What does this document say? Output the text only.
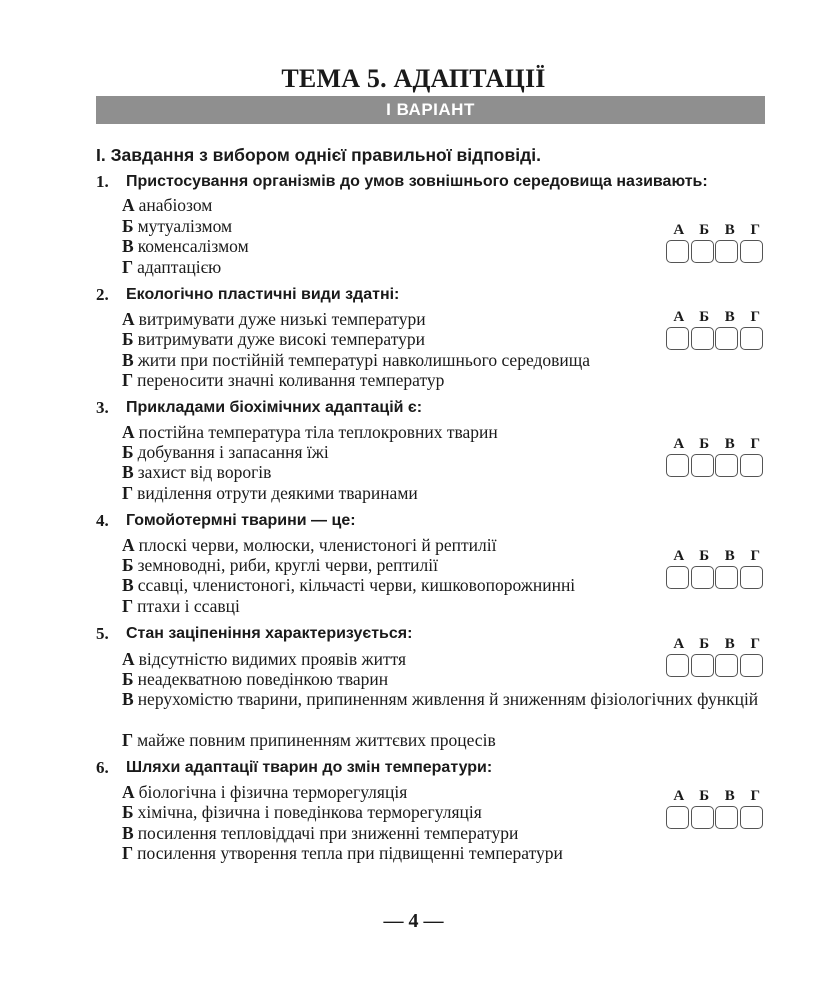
ТЕМА 5. АДАПТАЦІЇ
І ВАРІАНТ
І. Завдання з вибором однієї правильної відповіді.
1. Пристосування організмів до умов зовнішнього середовища називають:
А анабіозом
Б мутуалізмом
В коменсалізмом
Г адаптацією
А	Б	В	Г
2. Екологічно пластичні види здатні:
А витримувати дуже низькі температури
Б витримувати дуже високі температури
В жити при постійній температурі навколишнього середовища
Г переносити значні коливання температур
А	Б	В	Г
3. Прикладами біохімічних адаптацій є:
А постійна температура тіла теплокровних тварин
Б добування і запасання їжі
В захист від ворогів
Г виділення отрути деякими тваринами
А	Б	В	Г
4. Гомойотермні тварини — це:
А плоскі черви, молюски, членистоногі й рептилії
Б земноводні, риби, круглі черви, рептилії
В ссавці, членистоногі, кільчасті черви, кишковопорожнинні
Г птахи і ссавці
А	Б	В	Г
5. Стан заціпеніння характеризується:
А відсутністю видимих проявів життя
Б неадекватною поведінкою тварин
В нерухомістю тварини, припиненням живлення й зниженням фізіологічних функцій
Г майже повним припиненням життєвих процесів
А	Б	В	Г
6. Шляхи адаптації тварин до змін температури:
А біологічна і фізична терморегуляція
Б хімічна, фізична і поведінкова терморегуляція
В посилення тепловіддачі при зниженні температури
Г посилення утворення тепла при підвищенні температури
А	Б	В	Г
— 4 —
